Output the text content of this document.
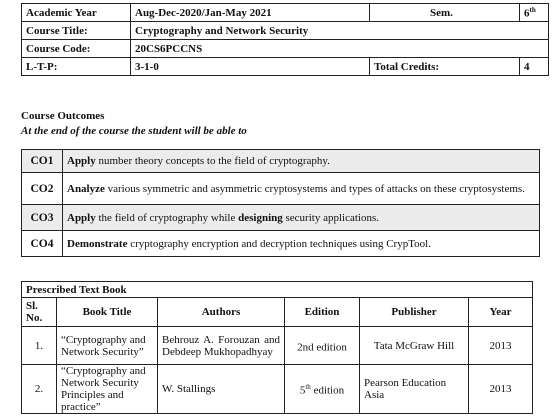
Academic Year	Aug-Dec-2020/Jan-May 2021	Sem.	6th
Course Title:	Cryptography and Network Security		
Course Code:	20CS6PCCNS		
L-T-P:	3-1-0	Total Credits:	4
Course Outcomes
At the end of the course the student will be able to
CO1	Apply number theory concepts to the field of cryptography.
CO2	Analyze various symmetric and asymmetric cryptosystems and types of attacks on these cryptosystems.
CO3	Apply the field of cryptography while designing security applications.
CO4	Demonstrate cryptography encryption and decryption techniques using CrypTool.
Prescribed Text Book					
Sl. No.	Book Title	Authors	Edition	Publisher	Year
1.	“Cryptography and Network Security”	Behrouz A. Forouzan and Debdeep Mukhopadhyay	2nd edition	Tata McGraw Hill	2013
2.	“Cryptography and Network Security Principles and practice”	W. Stallings	5th edition	Pearson Education Asia	2013
